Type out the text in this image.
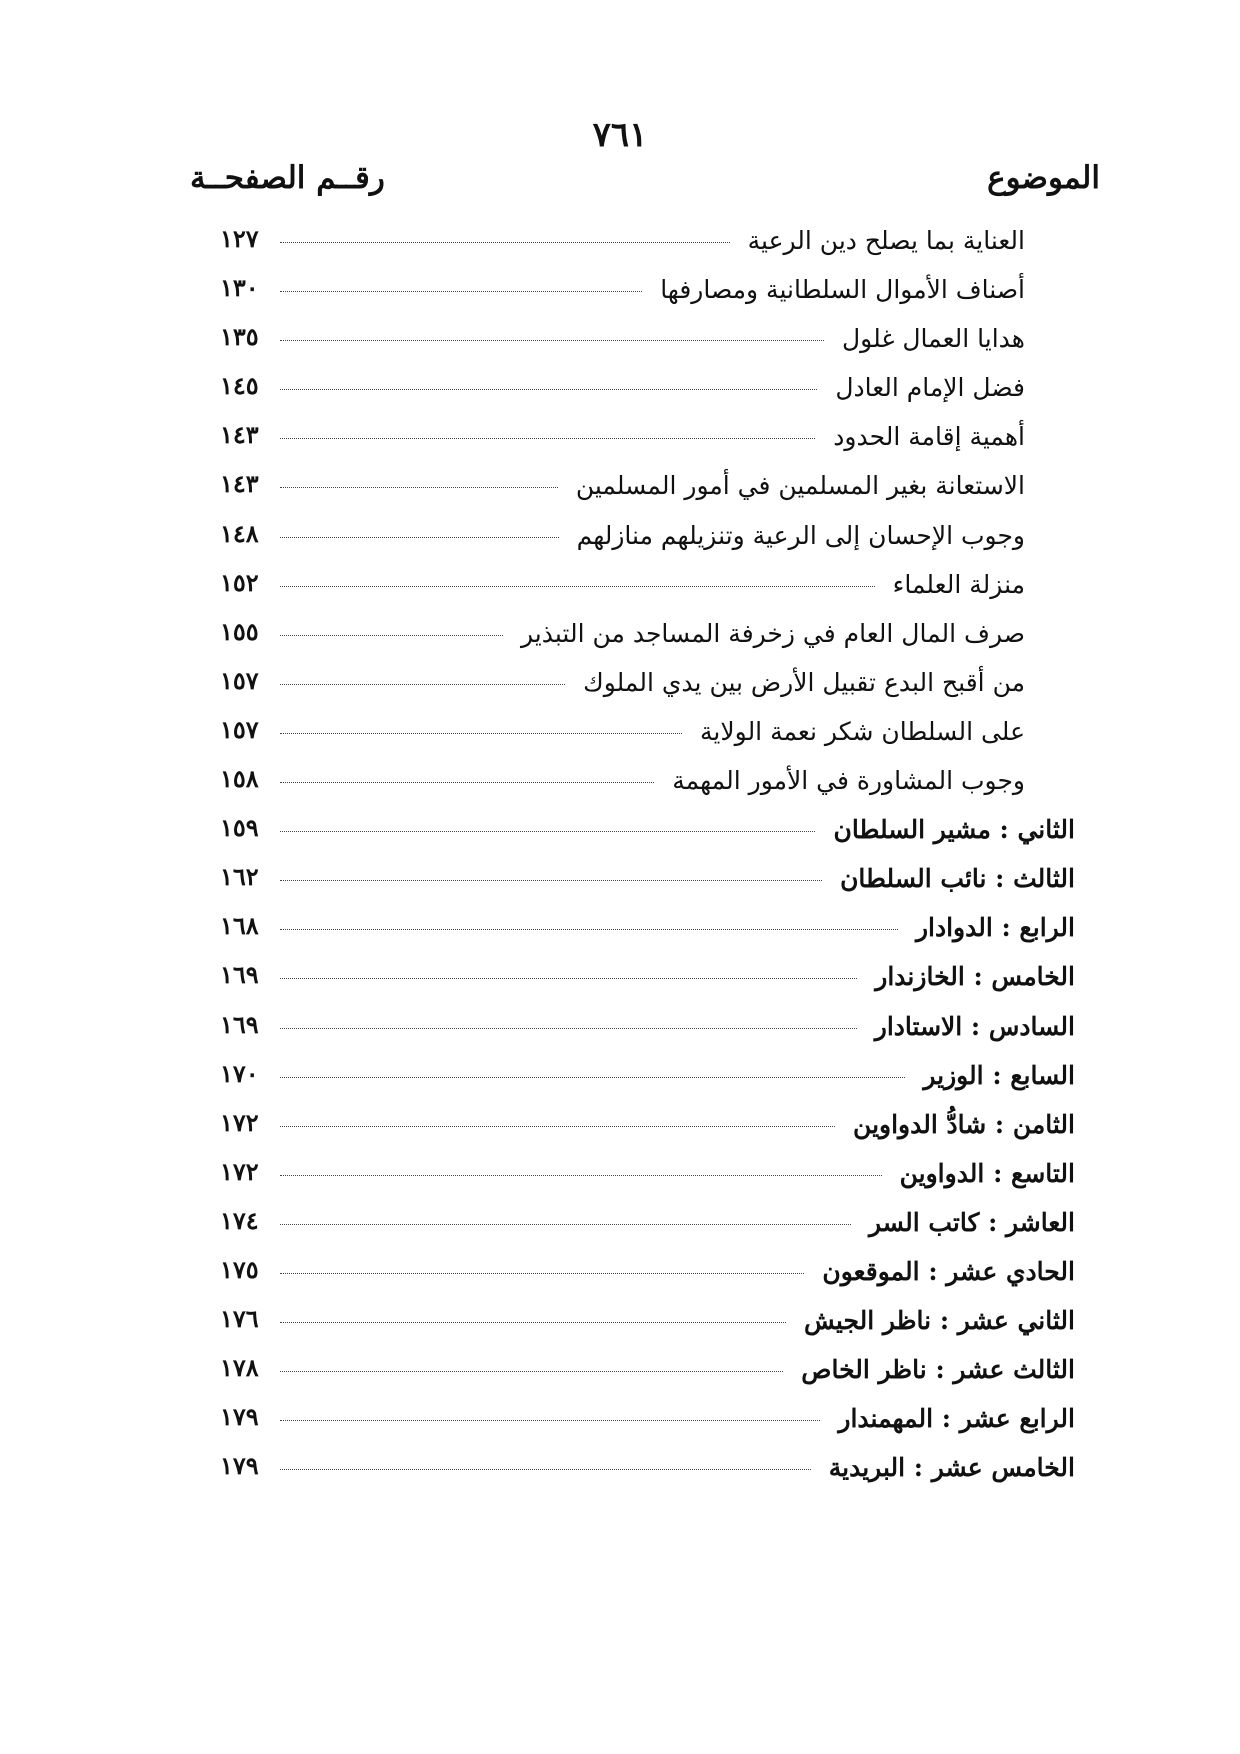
٧٦١
الموضوع
رقــم الصفحــة
١٢٧	العناية بما يصلح دين الرعية
١٣٠	أصناف الأموال السلطانية ومصارفها
١٣٥	هدايا العمال غلول
١٤٥	فضل الإمام العادل
١٤٣	أهمية إقامة الحدود
١٤٣	الاستعانة بغير المسلمين في أمور المسلمين
١٤٨	وجوب الإحسان إلى الرعية وتنزيلهم منازلهم
١٥٢	منزلة العلماء
١٥٥	صرف المال العام في زخرفة المساجد من التبذير
١٥٧	من أقبح البدع تقبيل الأرض بين يدي الملوك
١٥٧	على السلطان شكر نعمة الولاية
١٥٨	وجوب المشاورة في الأمور المهمة
١٥٩	الثاني : مشير السلطان
١٦٢	الثالث : نائب السلطان
١٦٨	الرابع : الدوادار
١٦٩	الخامس : الخازندار
١٦٩	السادس : الاستادار
١٧٠	السابع : الوزير
١٧٢	الثامن : شادُّ الدواوين
١٧٢	التاسع : الدواوين
١٧٤	العاشر : كاتب السر
١٧٥	الحادي عشر : الموقعون
١٧٦	الثاني عشر : ناظر الجيش
١٧٨	الثالث عشر : ناظر الخاص
١٧٩	الرابع عشر : المهمندار
١٧٩	الخامس عشر : البريدية
